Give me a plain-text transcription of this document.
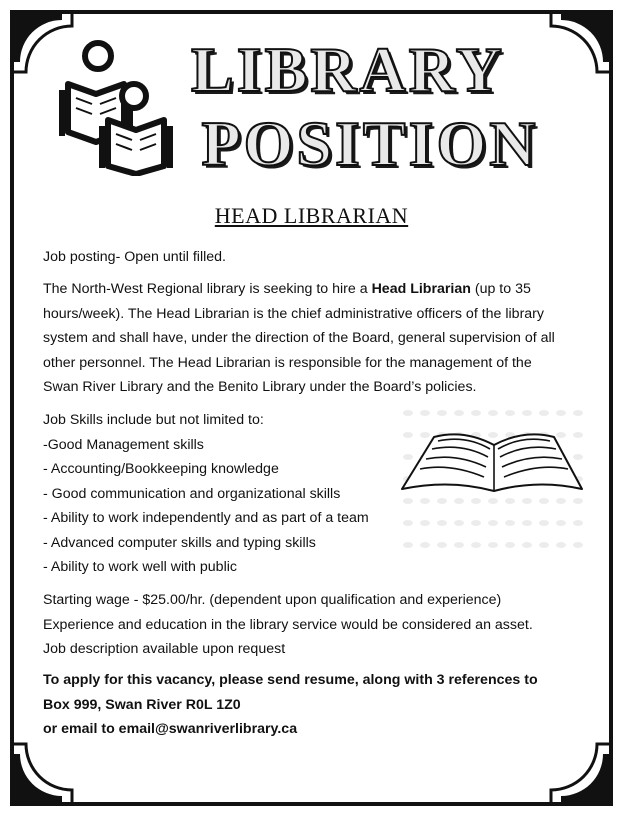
LIBRARY
POSITION
HEAD LIBRARIAN
Job posting- Open until filled.
The North-West Regional library is seeking to hire a Head Librarian (up to 35
hours/week). The Head Librarian is the chief administrative officers of the library
system and shall have, under the direction of the Board, general supervision of all
other personnel. The Head Librarian is responsible for the management of the
Swan River Library and the Benito Library under the Board’s policies.
Job Skills include but not limited to:
-Good Management skills
- Accounting/Bookkeeping knowledge
- Good communication and organizational skills
- Ability to work independently and as part of a team
- Advanced computer skills and typing skills
- Ability to work well with public
Starting wage - $25.00/hr. (dependent upon qualification and experience)
Experience and education in the library service would be considered an asset.
Job description available upon request
To apply for this vacancy, please send resume, along with 3 references to
Box 999, Swan River R0L 1Z0
or email to email@swanriverlibrary.ca
